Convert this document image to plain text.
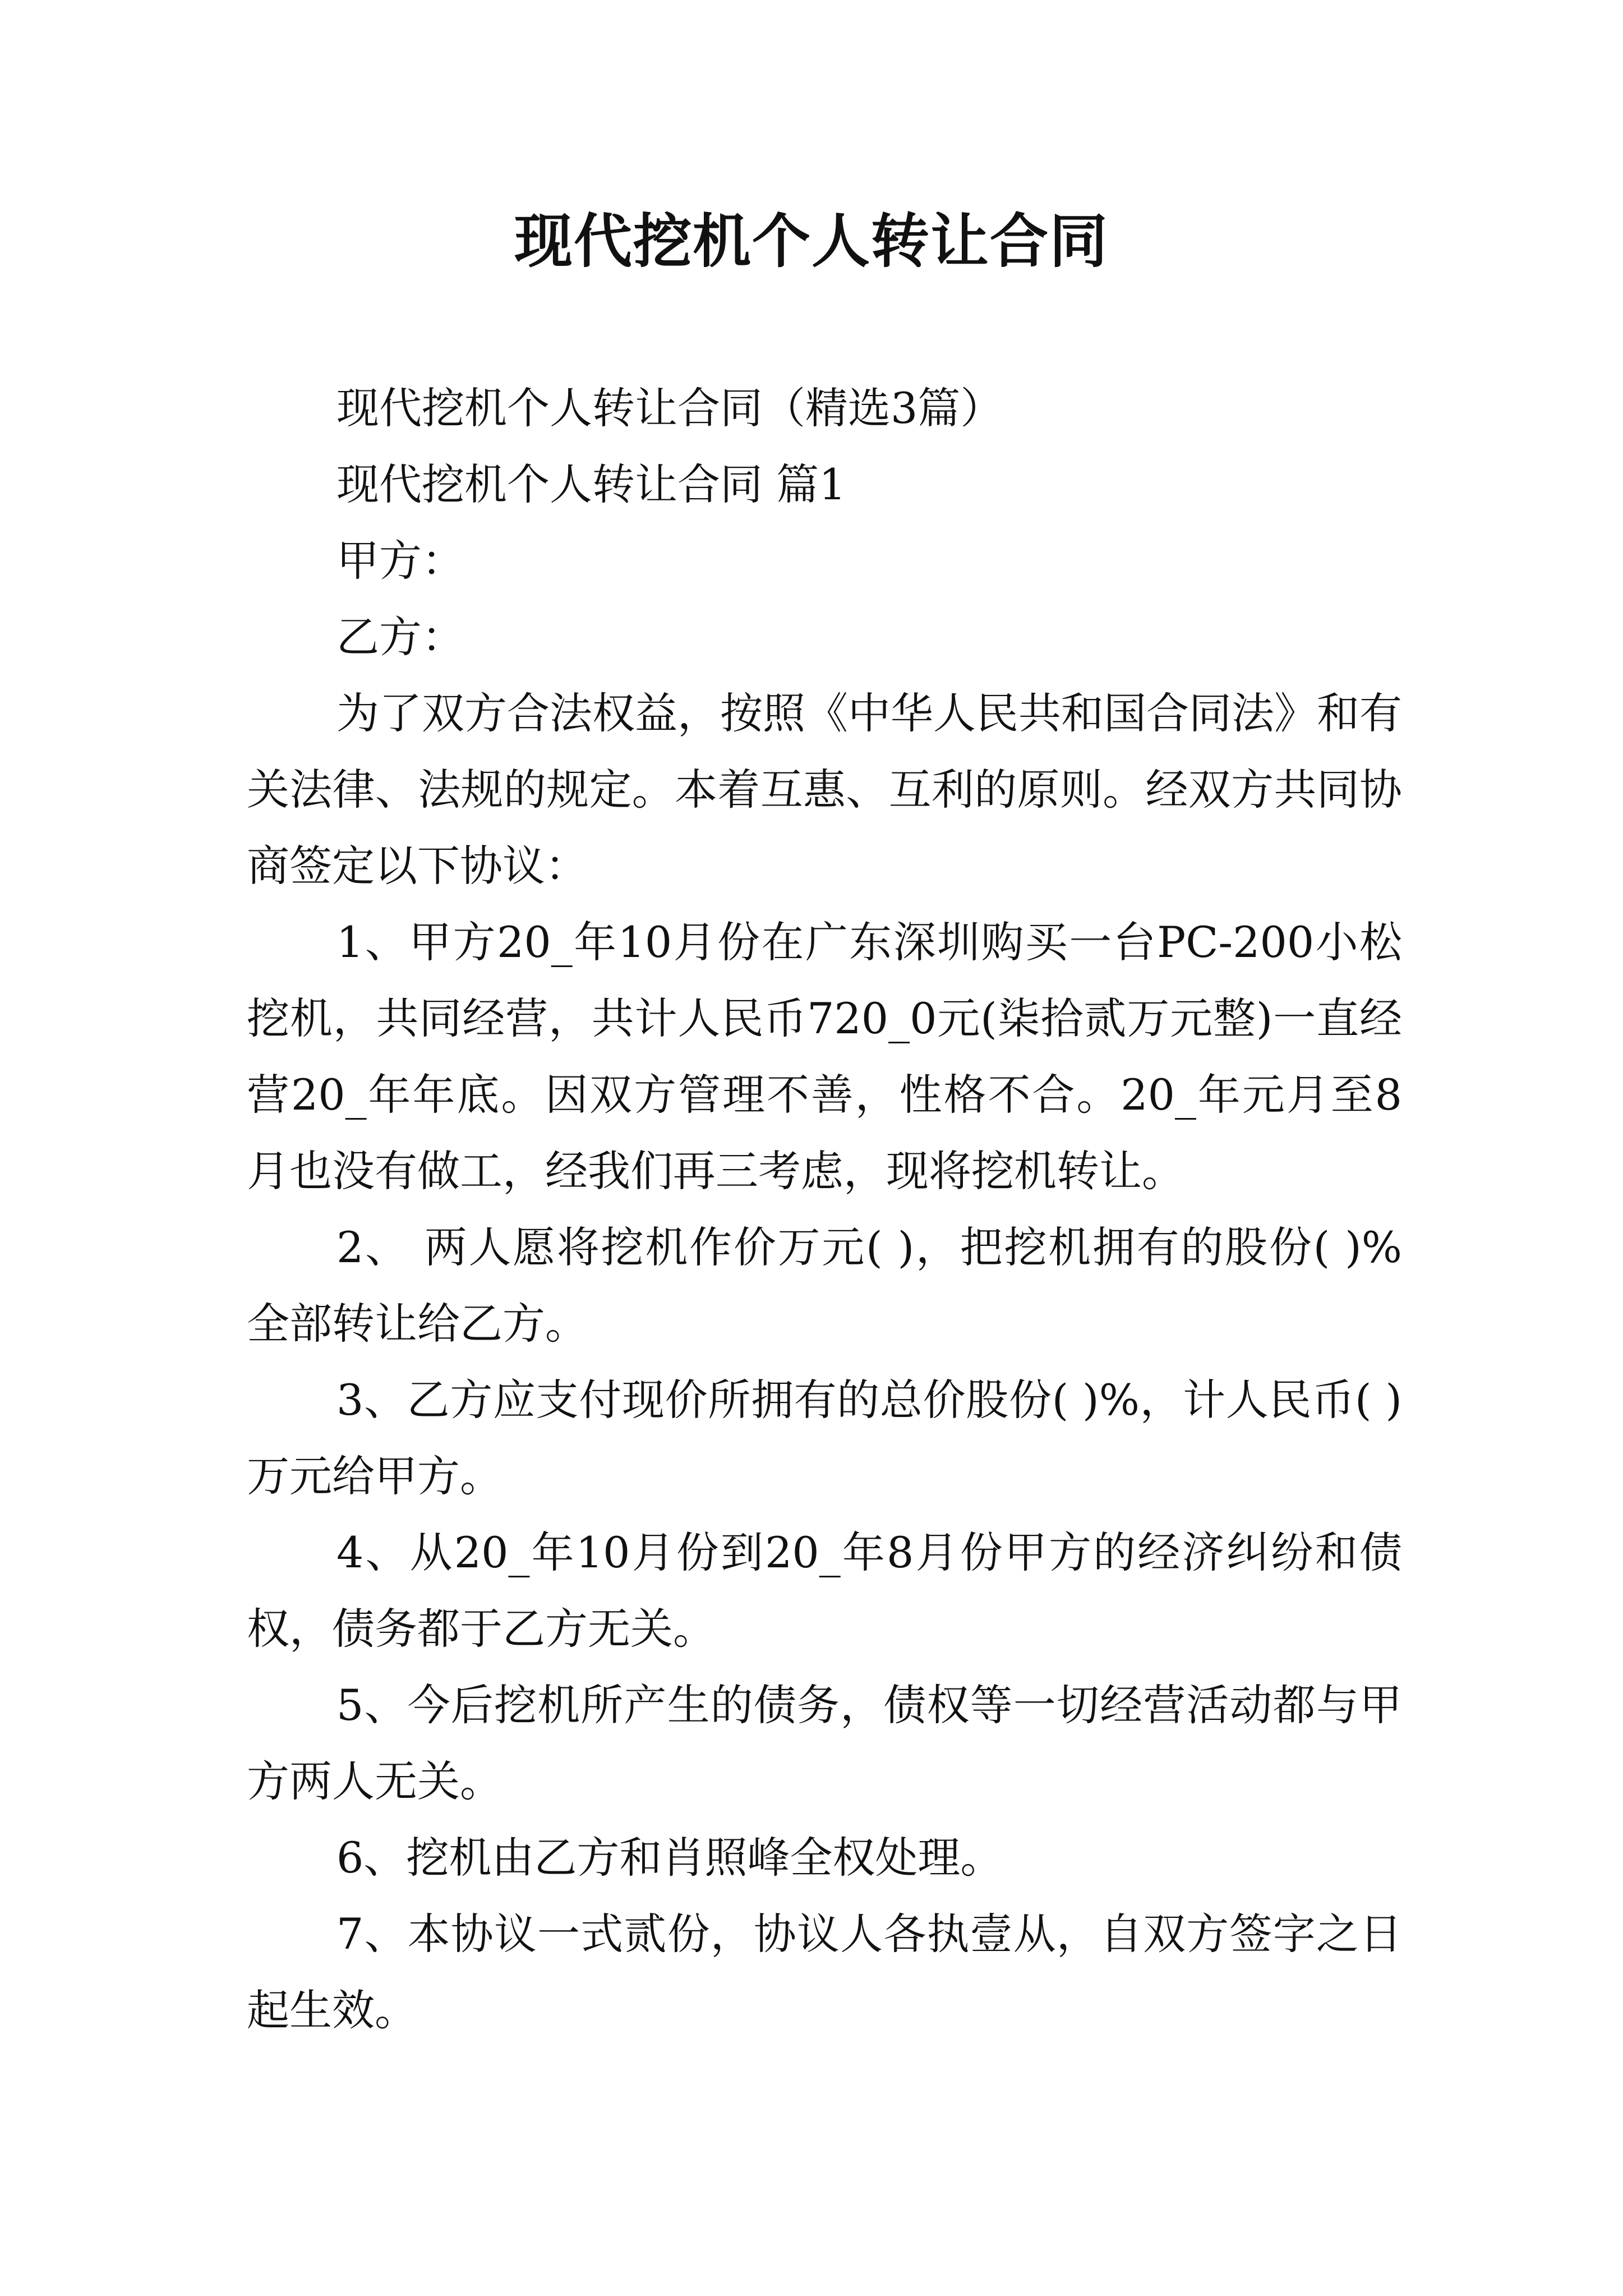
现代挖机个人转让合同

现代挖机个人转让合同（精选3篇）

现代挖机个人转让合同 篇1

甲方：

乙方：

为了双方合法权益，按照《中华人民共和国合同法》和有关法律、法规的规定。本着互惠、互利的原则。经双方共同协商签定以下协议：

1、甲方20_年10月份在广东深圳购买一台PC-200小松挖机，共同经营，共计人民币720_0元(柒拾贰万元整)一直经营20_年年底。因双方管理不善，性格不合。20_年元月至8月也没有做工，经我们再三考虑，现将挖机转让。

2、 两人愿将挖机作价万元( )，把挖机拥有的股份( )%全部转让给乙方。

3、乙方应支付现价所拥有的总价股份( )%，计人民币( )万元给甲方。

4、从20_年10月份到20_年8月份甲方的经济纠纷和债权，债务都于乙方无关。

5、今后挖机所产生的债务，债权等一切经营活动都与甲方两人无关。

6、挖机由乙方和肖照峰全权处理。

7、本协议一式贰份，协议人各执壹从，自双方签字之日起生效。
